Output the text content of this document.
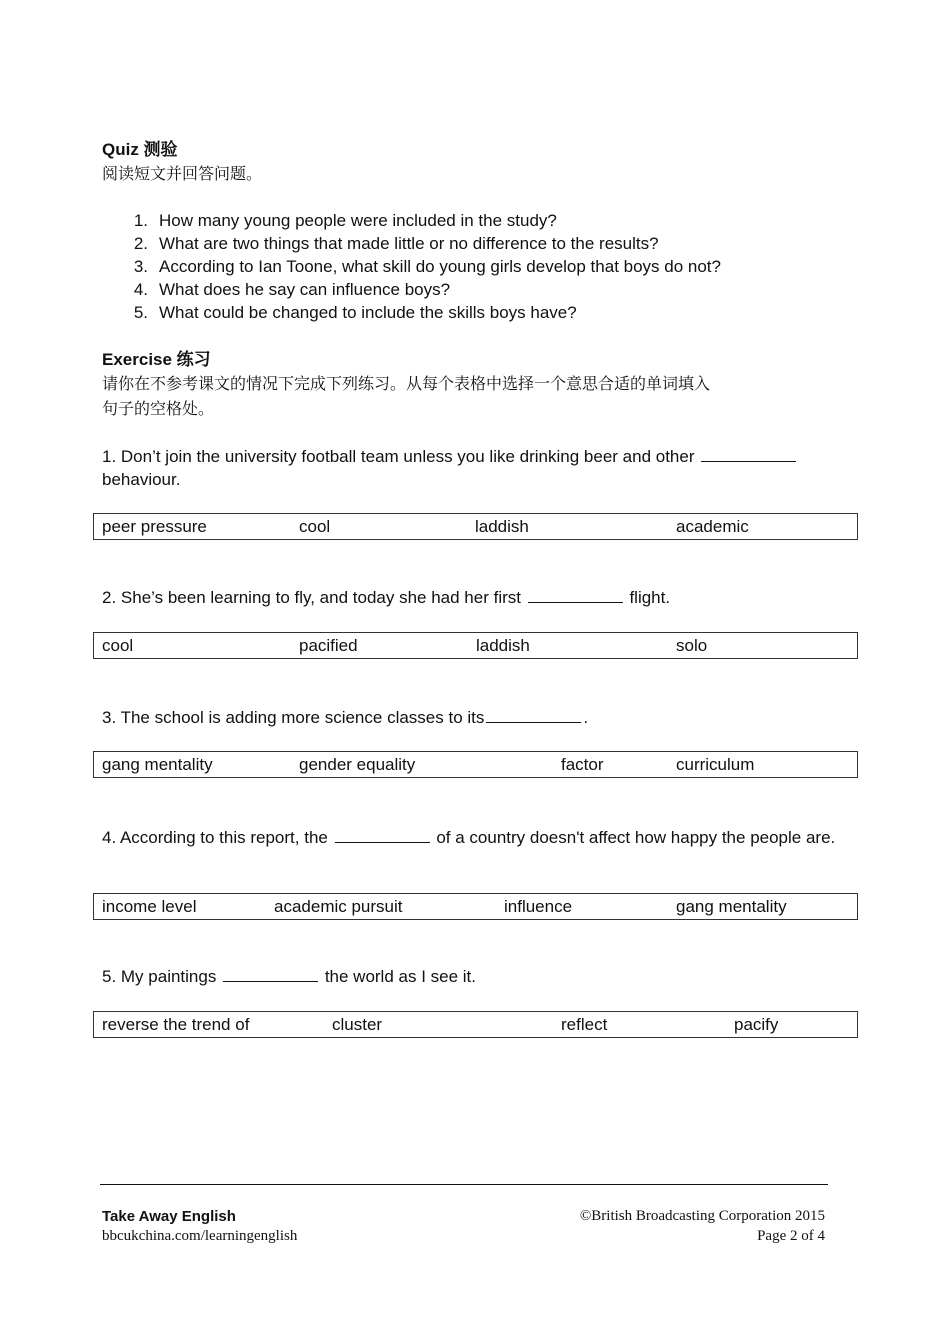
Quiz 测验
阅读短文并回答问题。
1. How many young people were included in the study?
2. What are two things that made little or no difference to the results?
3. According to Ian Toone, what skill do young girls develop that boys do not?
4. What does he say can influence boys?
5. What could be changed to include the skills boys have?
Exercise 练习
请你在不参考课文的情况下完成下列练习。从每个表格中选择一个意思合适的单词填入
句子的空格处。
1. Don’t join the university football team unless you like drinking beer and other  behaviour.
peer pressure	cool	laddish	academic
2. She’s been learning to fly, and today she had her first	flight.
cool	pacified	laddish	solo
3. The school is adding more science classes to its	.
gang mentality	gender equality	factor	curriculum
4. According to this report, the	of a country doesn't affect how happy the people are.
income level	academic pursuit	influence	gang mentality
5. My paintings	the world as I see it.
reverse the trend of	cluster	reflect	pacify
Take Away English
bbcukchina.com/learningenglish
©British Broadcasting Corporation 2015
Page 2 of 4
